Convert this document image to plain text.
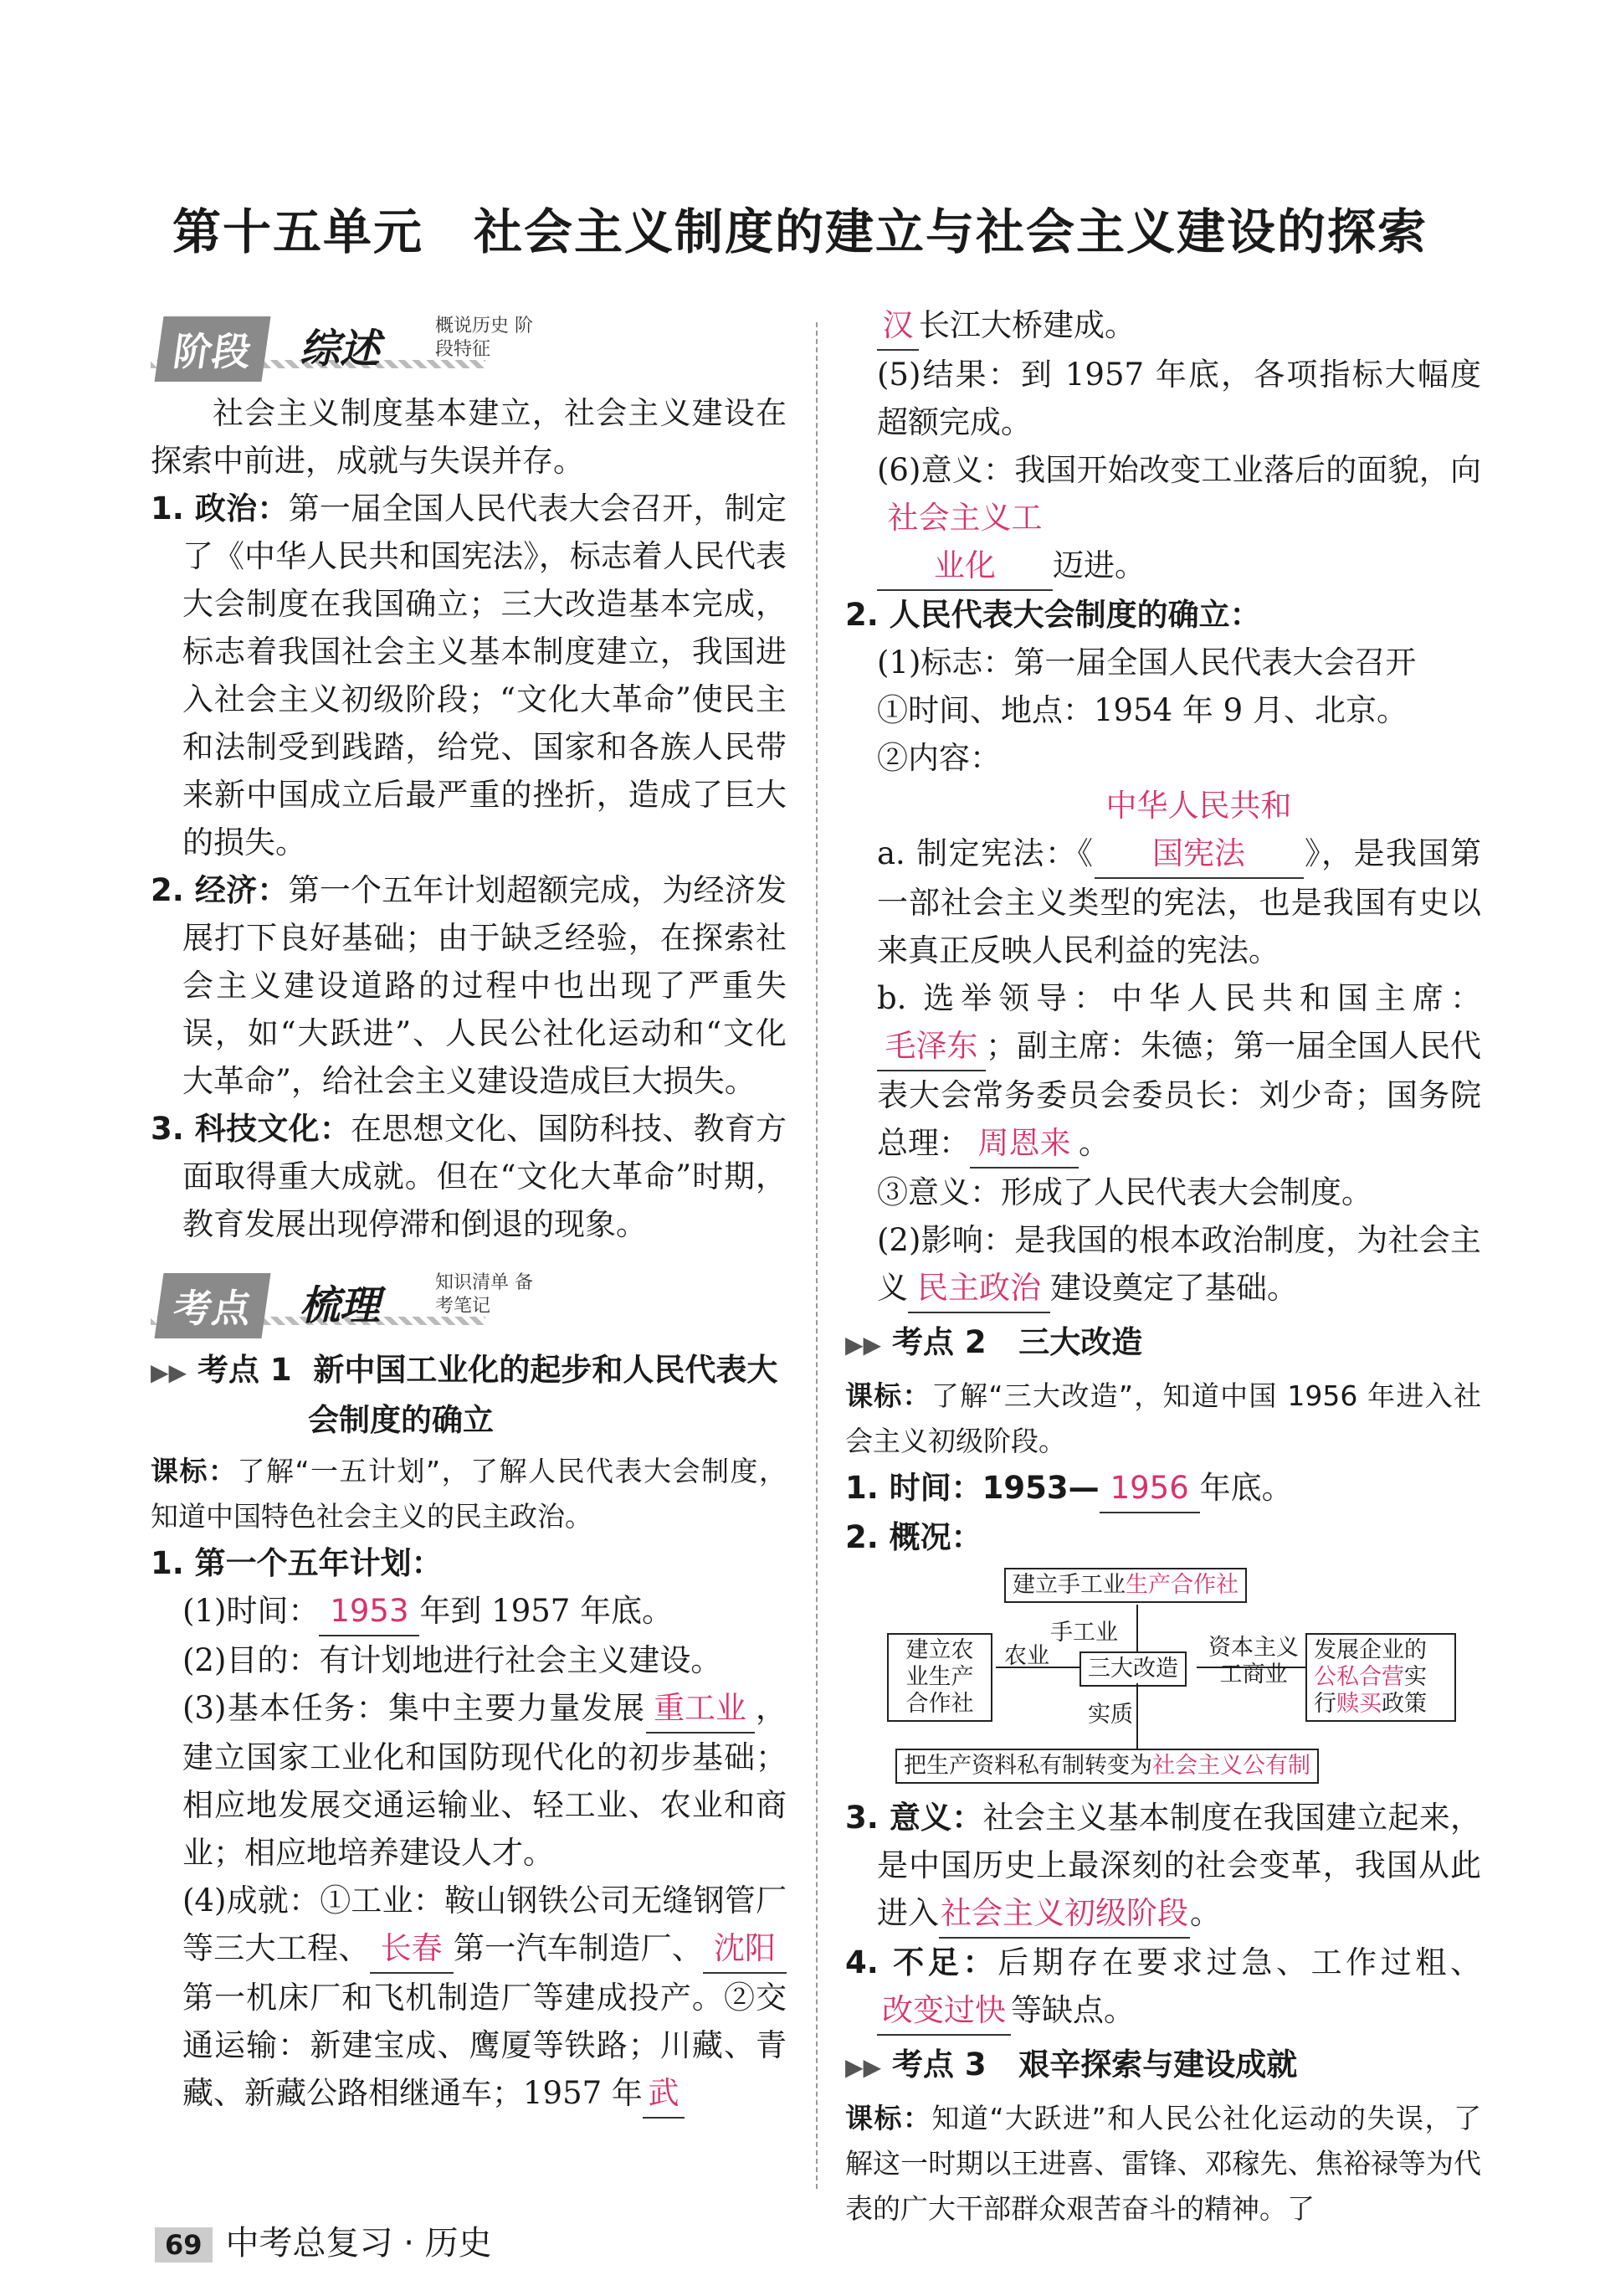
第十五单元　社会主义制度的建立与社会主义建设的探索
阶段	综述	概说历史 阶段特征

社会主义制度基本建立，社会主义建设在探索中前进，成就与失误并存。

1. 政治：第一届全国人民代表大会召开，制定了《中华人民共和国宪法》，标志着人民代表大会制度在我国确立；三大改造基本完成，标志着我国社会主义基本制度建立，我国进入社会主义初级阶段；“文化大革命”使民主和法制受到践踏，给党、国家和各族人民带来新中国成立后最严重的挫折，造成了巨大的损失。

2. 经济：第一个五年计划超额完成，为经济发展打下良好基础；由于缺乏经验，在探索社会主义建设道路的过程中也出现了严重失误，如“大跃进”、人民公社化运动和“文化大革命”，给社会主义建设造成巨大损失。

3. 科技文化：在思想文化、国防科技、教育方面取得重大成就。但在“文化大革命”时期，教育发展出现停滞和倒退的现象。

考点	梳理	知识清单 备考笔记
▶▶ 考点 1 新中国工业化的起步和人民代表大会制度的确立

课标：了解“一五计划”，了解人民代表大会制度，知道中国特色社会主义的民主政治。

1. 第一个五年计划：

(1)时间： 1953 年到 1957 年底。

(2)目的：有计划地进行社会主义建设。

(3)基本任务：集中主要力量发展 重工业 ，建立国家工业化和国防现代化的初步基础；相应地发展交通运输业、轻工业、农业和商业；相应地培养建设人才。

(4)成就：①工业：鞍山钢铁公司无缝钢管厂等三大工程、 长春 第一汽车制造厂、 沈阳第一机床厂和飞机制造厂等建成投产。②交通运输：新建宝成、鹰厦等铁路；川藏、青藏、新藏公路相继通车；1957 年 武

汉 长江大桥建成。

(5)结果：到 1957 年底，各项指标大幅度超额完成。

(6)意义：我国开始改变工业落后的面貌，向社会主义工业化 迈进。

2. 人民代表大会制度的确立：

(1)标志：第一届全国人民代表大会召开

①时间、地点：1954 年 9 月、北京。

②内容：

a. 制定宪法：《中华人民共和国宪法 》，是我国第一部社会主义类型的宪法，也是我国有史以来真正反映人民利益的宪法。

b. 选举领导：中华人民共和国主席：毛泽东 ；副主席：朱德；第一届全国人民代表大会常务委员会委员长：刘少奇；国务院总理： 周恩来 。

③意义：形成了人民代表大会制度。

(2)影响：是我国的根本政治制度，为社会主义 民主政治 建设奠定了基础。

▶▶ 考点 2 三大改造

课标：了解“三大改造”，知道中国 1956 年进入社会主义初级阶段。

1. 时间：1953— 1956 年底。

2. 概况：

建立手工业生产合作社
建立农业生产合作社
三大改造
发展企业的公私合营实行赎买政策
把生产资料私有制转变为社会主义公有制
手工业
农业	资本主义工商业
实质

3. 意义：社会主义基本制度在我国建立起来，是中国历史上最深刻的社会变革，我国从此进入社会主义初级阶段。

4. 不足：后期存在要求过急、工作过粗、改变过快 等缺点。

▶▶ 考点 3 艰辛探索与建设成就

课标：知道“大跃进”和人民公社化运动的失误，了解这一时期以王进喜、雷锋、邓稼先、焦裕禄等为代表的广大干部群众艰苦奋斗的精神。了

69 中考总复习 · 历史
